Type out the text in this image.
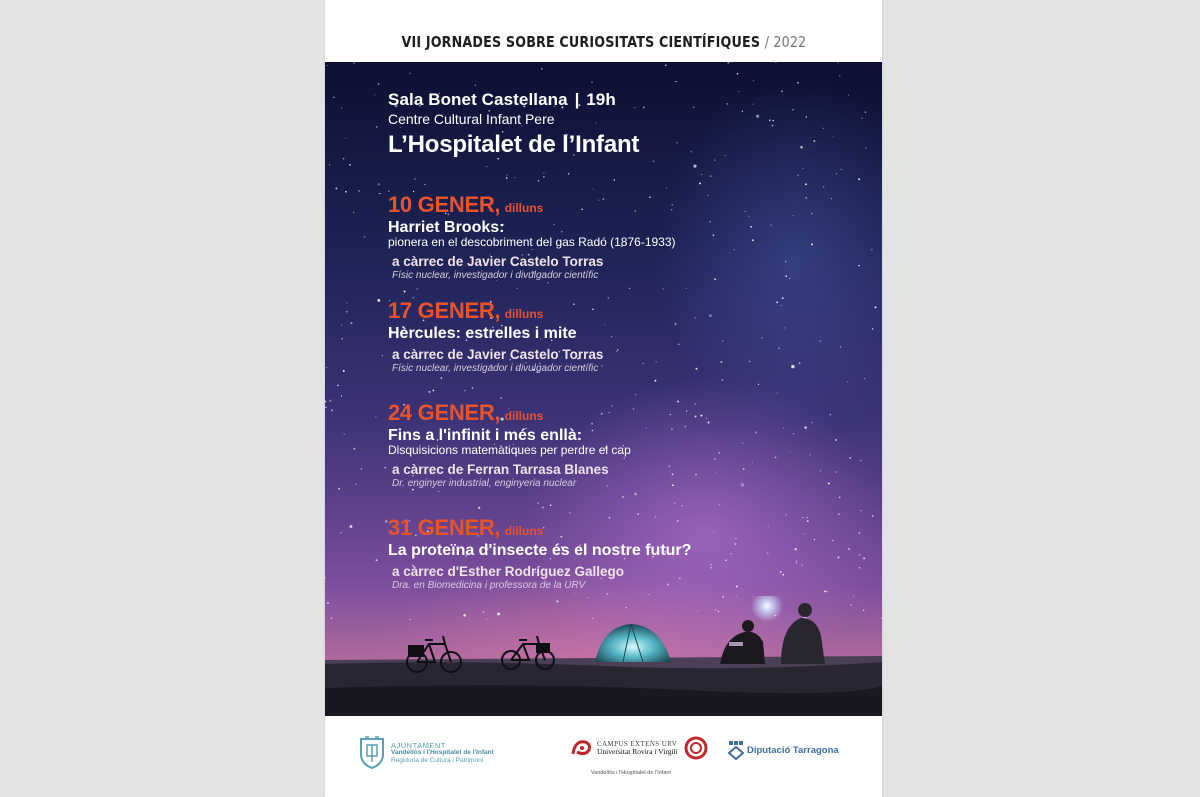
VII JORNADES SOBRE CURIOSITATS CIENTÍFIQUES / 2022
Sala Bonet Castellana | 19h
Centre Cultural Infant Pere
L’Hospitalet de l’Infant
10 GENER, dilluns
Harriet Brooks:
pionera en el descobriment del gas Radó (1876-1933)
a càrrec de Javier Castelo Torras
Físic nuclear, investigador i divulgador científic
17 GENER, dilluns
Hèrcules: estrelles i mite
a càrrec de Javier Castelo Torras
Físic nuclear, investigador i divulgador científic
24 GENER, dilluns
Fins a l'infinit i més enllà:
Disquisicions matemàtiques per perdre el cap
a càrrec de Ferran Tarrasa Blanes
Dr. enginyer industrial, enginyeria nuclear
31 GENER, dilluns
La proteïna d'insecte és el nostre futur?
a càrrec d'Esther Rodríguez Gallego
Dra. en Biomedicina i professora de la URV
AJUNTAMENT
Vandellòs i l'Hospitalet de l'Infant
Regidoria de Cultura i Patrimoni
CAMPUS EXTENS URV
Universitat Rovira i Virgili
Vandellòs i l'Hospitalet de l'Infant
Diputació Tarragona
